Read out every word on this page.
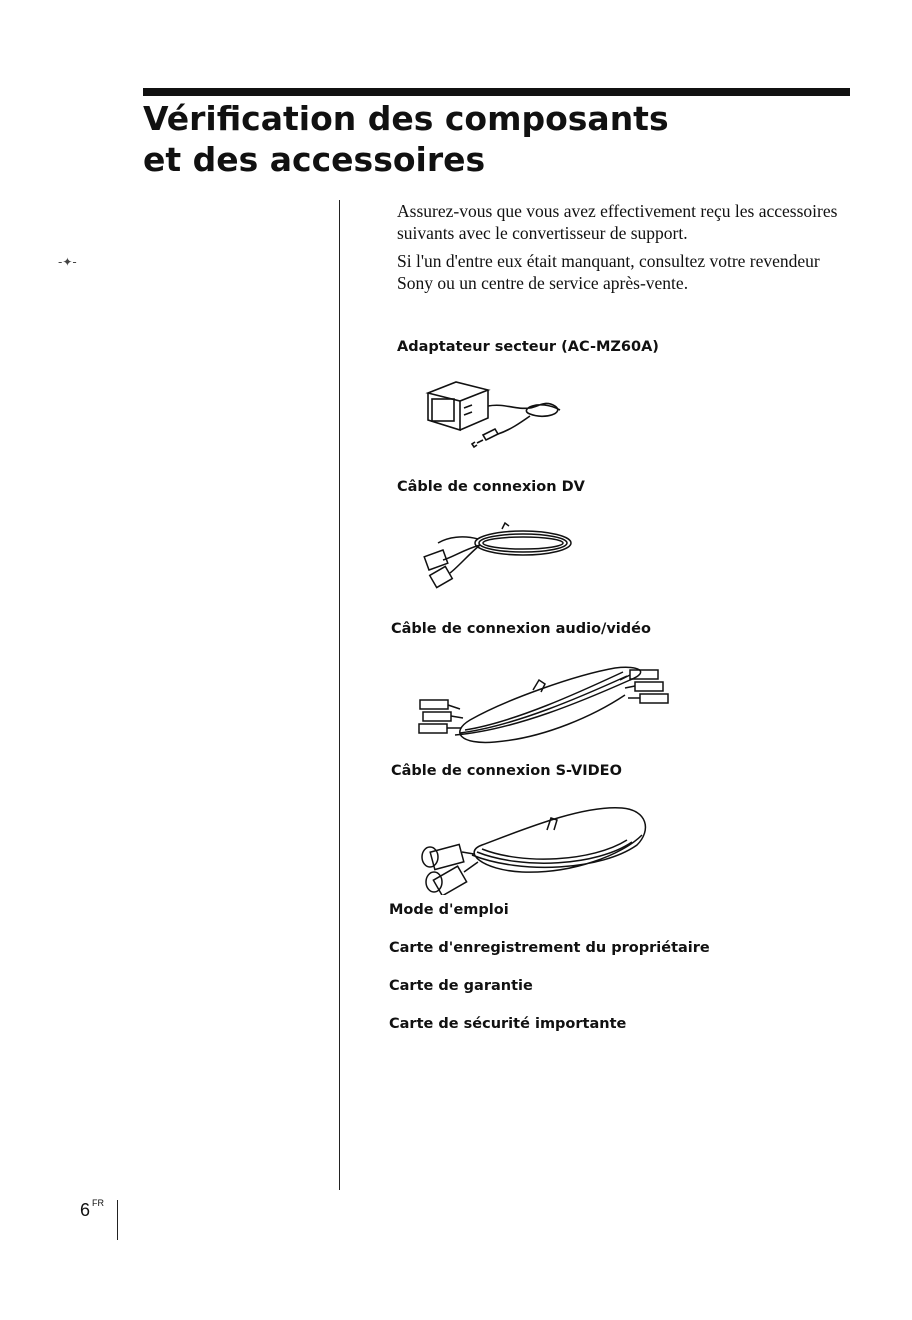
Vérification des composants
et des accessoires
-✦-

Assurez-vous que vous avez effectivement reçu les accessoires suivants avec le convertisseur de support.

Si l'un d'entre eux était manquant, consultez votre revendeur Sony ou un centre de service après-vente.

Adaptateur secteur (AC-MZ60A)
Câble de connexion DV
Câble de connexion audio/vidéo
Câble de connexion S-VIDEO
Mode d'emploi
Carte d'enregistrement du propriétaire
Carte de garantie
Carte de sécurité importante
6 $^{FR}$
